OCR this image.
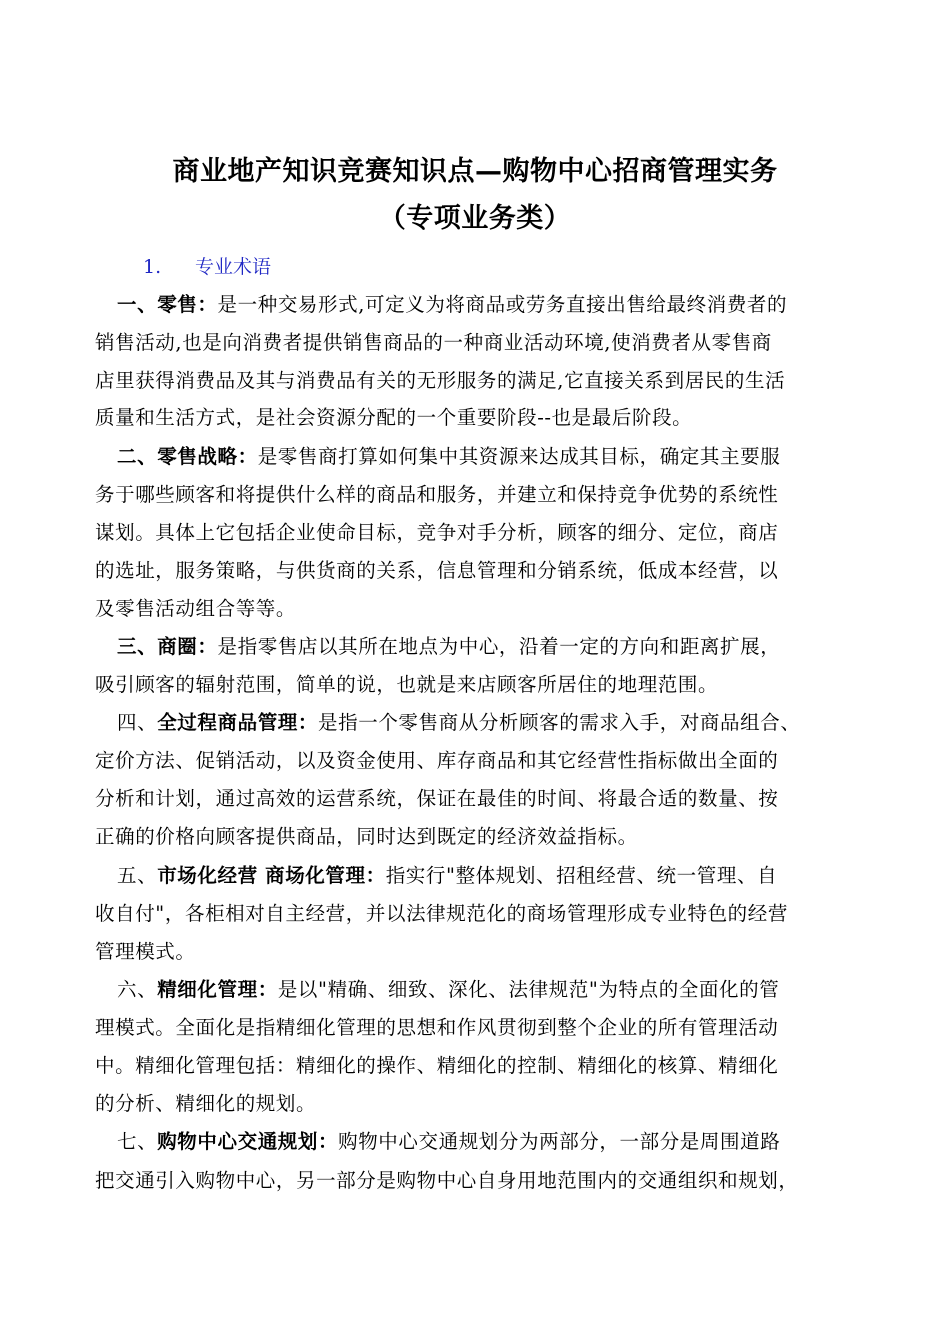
商业地产知识竞赛知识点—购物中心招商管理实务
（专项业务类）
1. 专业术语
一、零售：是一种交易形式,可定义为将商品或劳务直接出售给最终消费者的
销售活动,也是向消费者提供销售商品的一种商业活动环境,使消费者从零售商
店里获得消费品及其与消费品有关的无形服务的满足,它直接关系到居民的生活
质量和生活方式，是社会资源分配的一个重要阶段--也是最后阶段。
二、零售战略：是零售商打算如何集中其资源来达成其目标，确定其主要服
务于哪些顾客和将提供什么样的商品和服务，并建立和保持竞争优势的系统性
谋划。具体上它包括企业使命目标，竞争对手分析，顾客的细分、定位，商店
的选址，服务策略，与供货商的关系，信息管理和分销系统，低成本经营，以
及零售活动组合等等。
三、商圈：是指零售店以其所在地点为中心，沿着一定的方向和距离扩展，
吸引顾客的辐射范围，简单的说，也就是来店顾客所居住的地理范围。
四、全过程商品管理：是指一个零售商从分析顾客的需求入手，对商品组合、
定价方法、促销活动，以及资金使用、库存商品和其它经营性指标做出全面的
分析和计划，通过高效的运营系统，保证在最佳的时间、将最合适的数量、按
正确的价格向顾客提供商品，同时达到既定的经济效益指标。
五、市场化经营 商场化管理：指实行"整体规划、招租经营、统一管理、自
收自付"，各柜相对自主经营，并以法律规范化的商场管理形成专业特色的经营
管理模式。
六、精细化管理：是以"精确、细致、深化、法律规范"为特点的全面化的管
理模式。全面化是指精细化管理的思想和作风贯彻到整个企业的所有管理活动
中。精细化管理包括：精细化的操作、精细化的控制、精细化的核算、精细化
的分析、精细化的规划。
七、购物中心交通规划：购物中心交通规划分为两部分，一部分是周围道路
把交通引入购物中心，另一部分是购物中心自身用地范围内的交通组织和规划，
